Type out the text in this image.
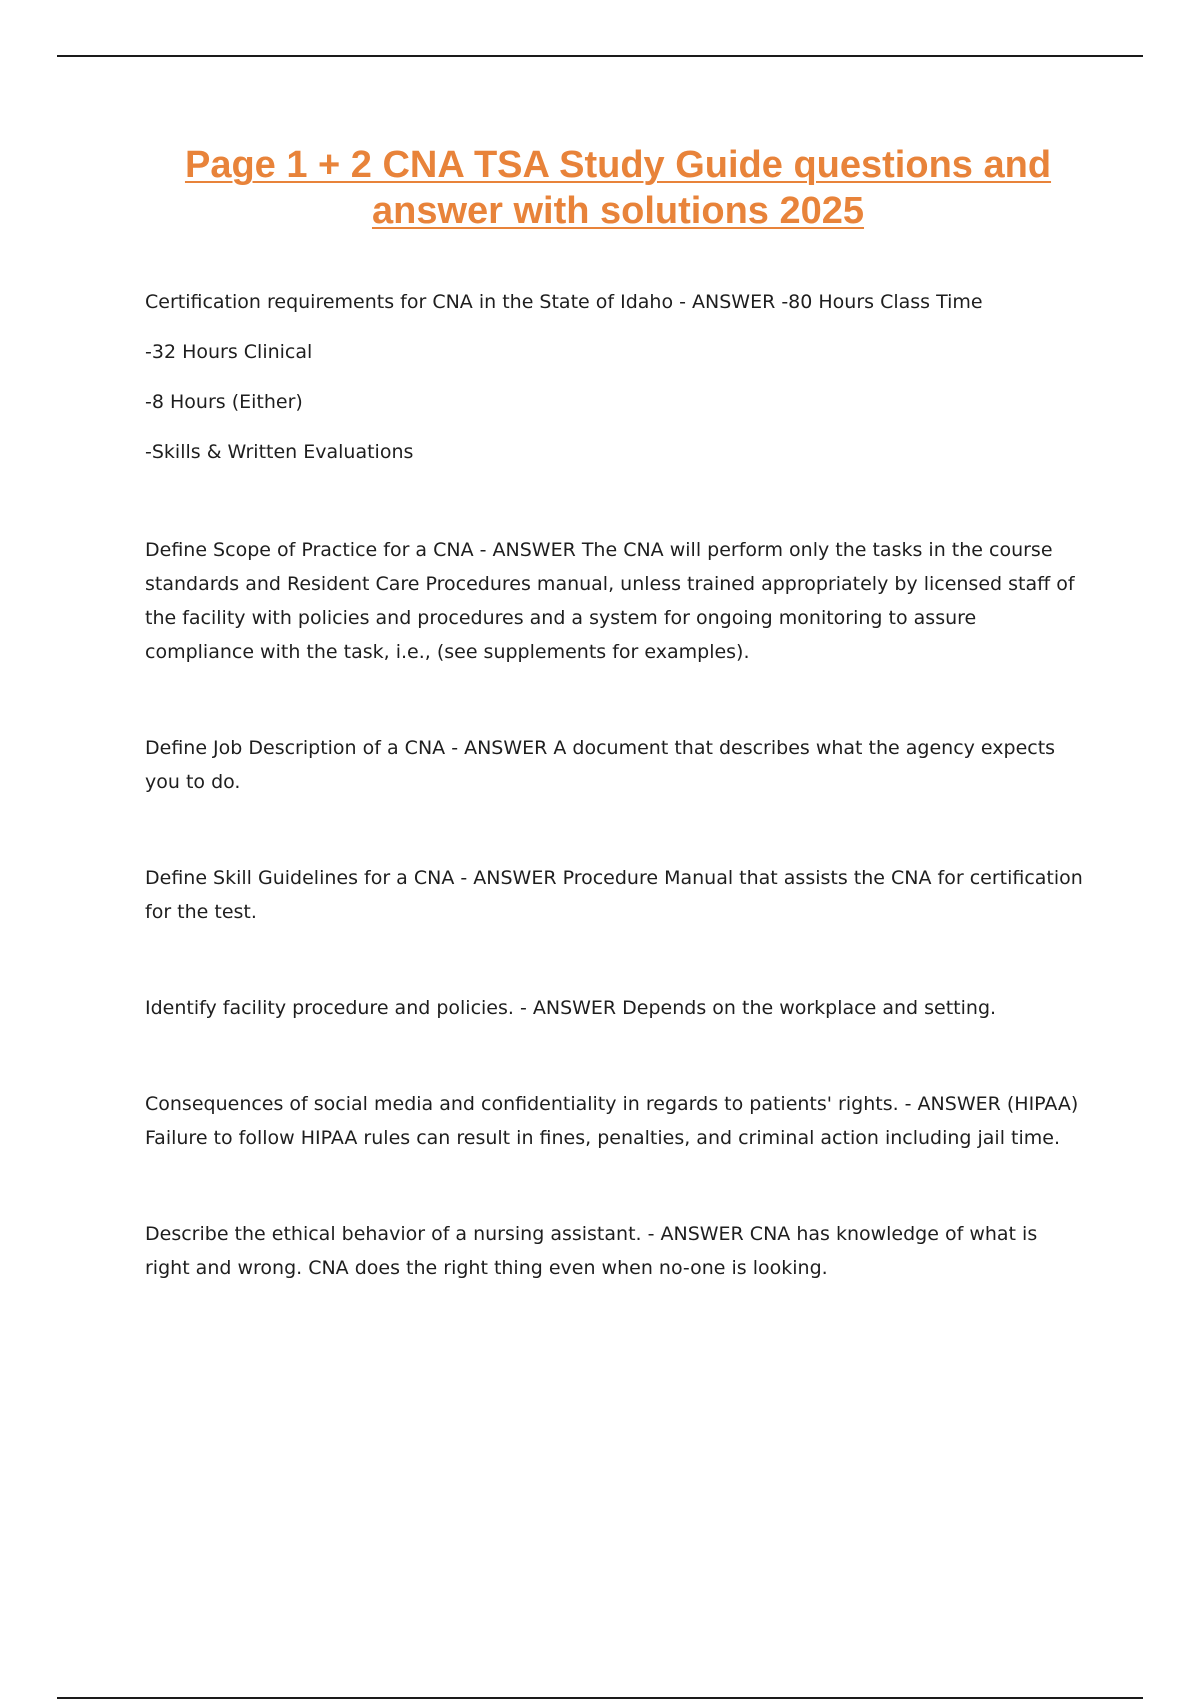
Page 1 + 2 CNA TSA Study Guide questions and answer with solutions 2025

Certification requirements for CNA in the State of Idaho - ANSWER -80 Hours Class Time

-32 Hours Clinical

-8 Hours (Either)

-Skills & Written Evaluations

Define Scope of Practice for a CNA - ANSWER The CNA will perform only the tasks in the course standards and Resident Care Procedures manual, unless trained appropriately by licensed staff of the facility with policies and procedures and a system for ongoing monitoring to assure compliance with the task, i.e., (see supplements for examples).

Define Job Description of a CNA - ANSWER A document that describes what the agency expects you to do.

Define Skill Guidelines for a CNA - ANSWER Procedure Manual that assists the CNA for certification for the test.

Identify facility procedure and policies. - ANSWER Depends on the workplace and setting.

Consequences of social media and confidentiality in regards to patients' rights. - ANSWER (HIPAA) Failure to follow HIPAA rules can result in fines, penalties, and criminal action including jail time.

Describe the ethical behavior of a nursing assistant. - ANSWER CNA has knowledge of what is right and wrong. CNA does the right thing even when no-one is looking.
